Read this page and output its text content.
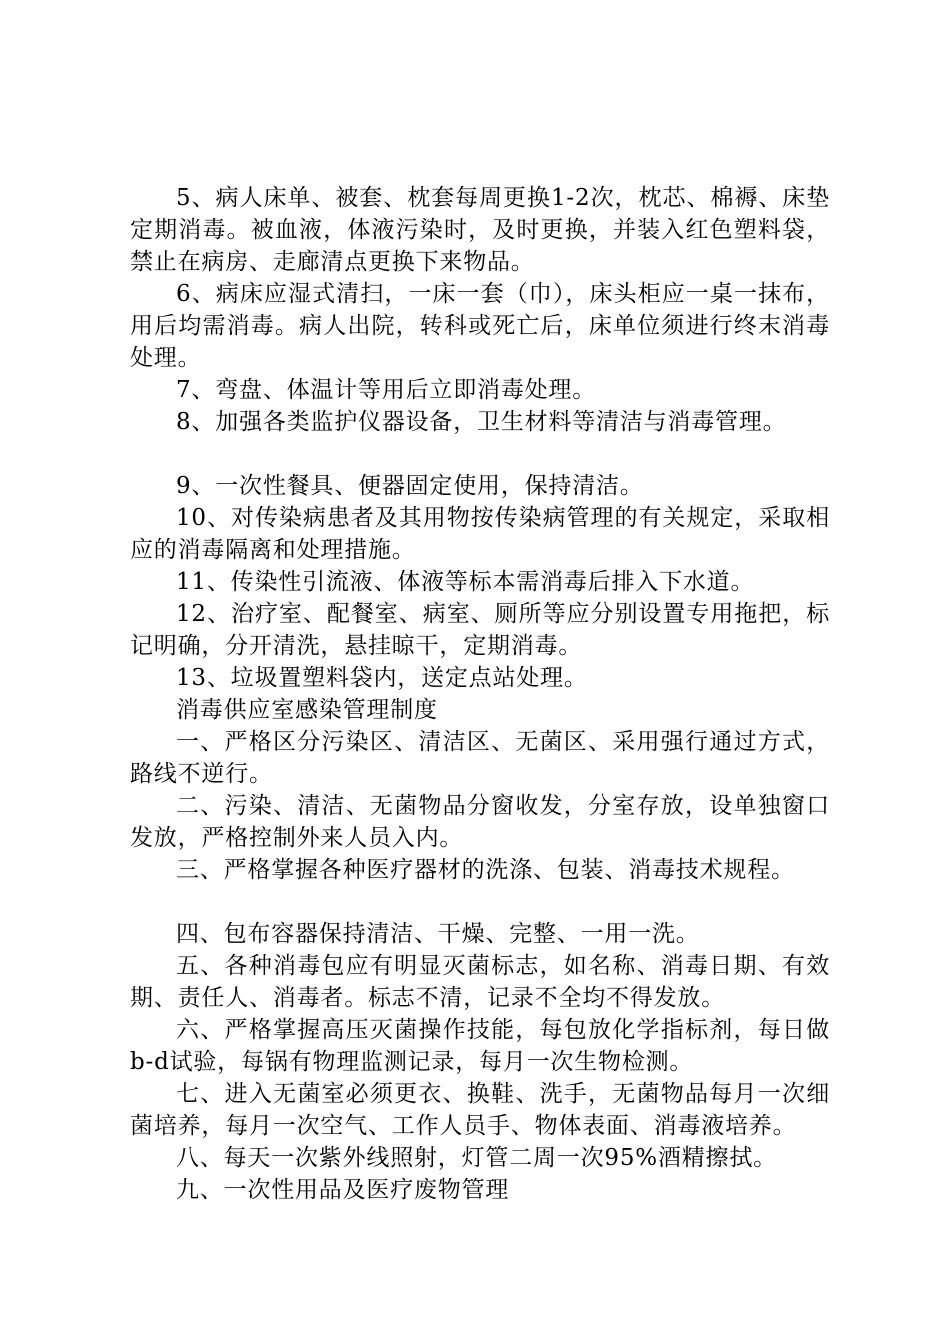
5、病人床单、被套、枕套每周更换1-2次，枕芯、棉褥、床垫定期消毒。被血液，体液污染时，及时更换，并装入红色塑料袋，禁止在病房、走廊清点更换下来物品。

6、病床应湿式清扫，一床一套（巾），床头柜应一桌一抹布，用后均需消毒。病人出院，转科或死亡后，床单位须进行终末消毒处理。

7、弯盘、体温计等用后立即消毒处理。

8、加强各类监护仪器设备，卫生材料等清洁与消毒管理。

9、一次性餐具、便器固定使用，保持清洁。

10、对传染病患者及其用物按传染病管理的有关规定，采取相应的消毒隔离和处理措施。

11、传染性引流液、体液等标本需消毒后排入下水道。

12、治疗室、配餐室、病室、厕所等应分别设置专用拖把，标记明确，分开清洗，悬挂晾干，定期消毒。

13、垃圾置塑料袋内，送定点站处理。

消毒供应室感染管理制度

一、严格区分污染区、清洁区、无菌区、采用强行通过方式，路线不逆行。

二、污染、清洁、无菌物品分窗收发，分室存放，设单独窗口发放，严格控制外来人员入内。

三、严格掌握各种医疗器材的洗涤、包装、消毒技术规程。

四、包布容器保持清洁、干燥、完整、一用一洗。

五、各种消毒包应有明显灭菌标志，如名称、消毒日期、有效期、责任人、消毒者。标志不清，记录不全均不得发放。

六、严格掌握高压灭菌操作技能，每包放化学指标剂，每日做b-d试验，每锅有物理监测记录，每月一次生物检测。

七、进入无菌室必须更衣、换鞋、洗手，无菌物品每月一次细菌培养，每月一次空气、工作人员手、物体表面、消毒液培养。

八、每天一次紫外线照射，灯管二周一次95%酒精擦拭。

九、一次性用品及医疗废物管理
